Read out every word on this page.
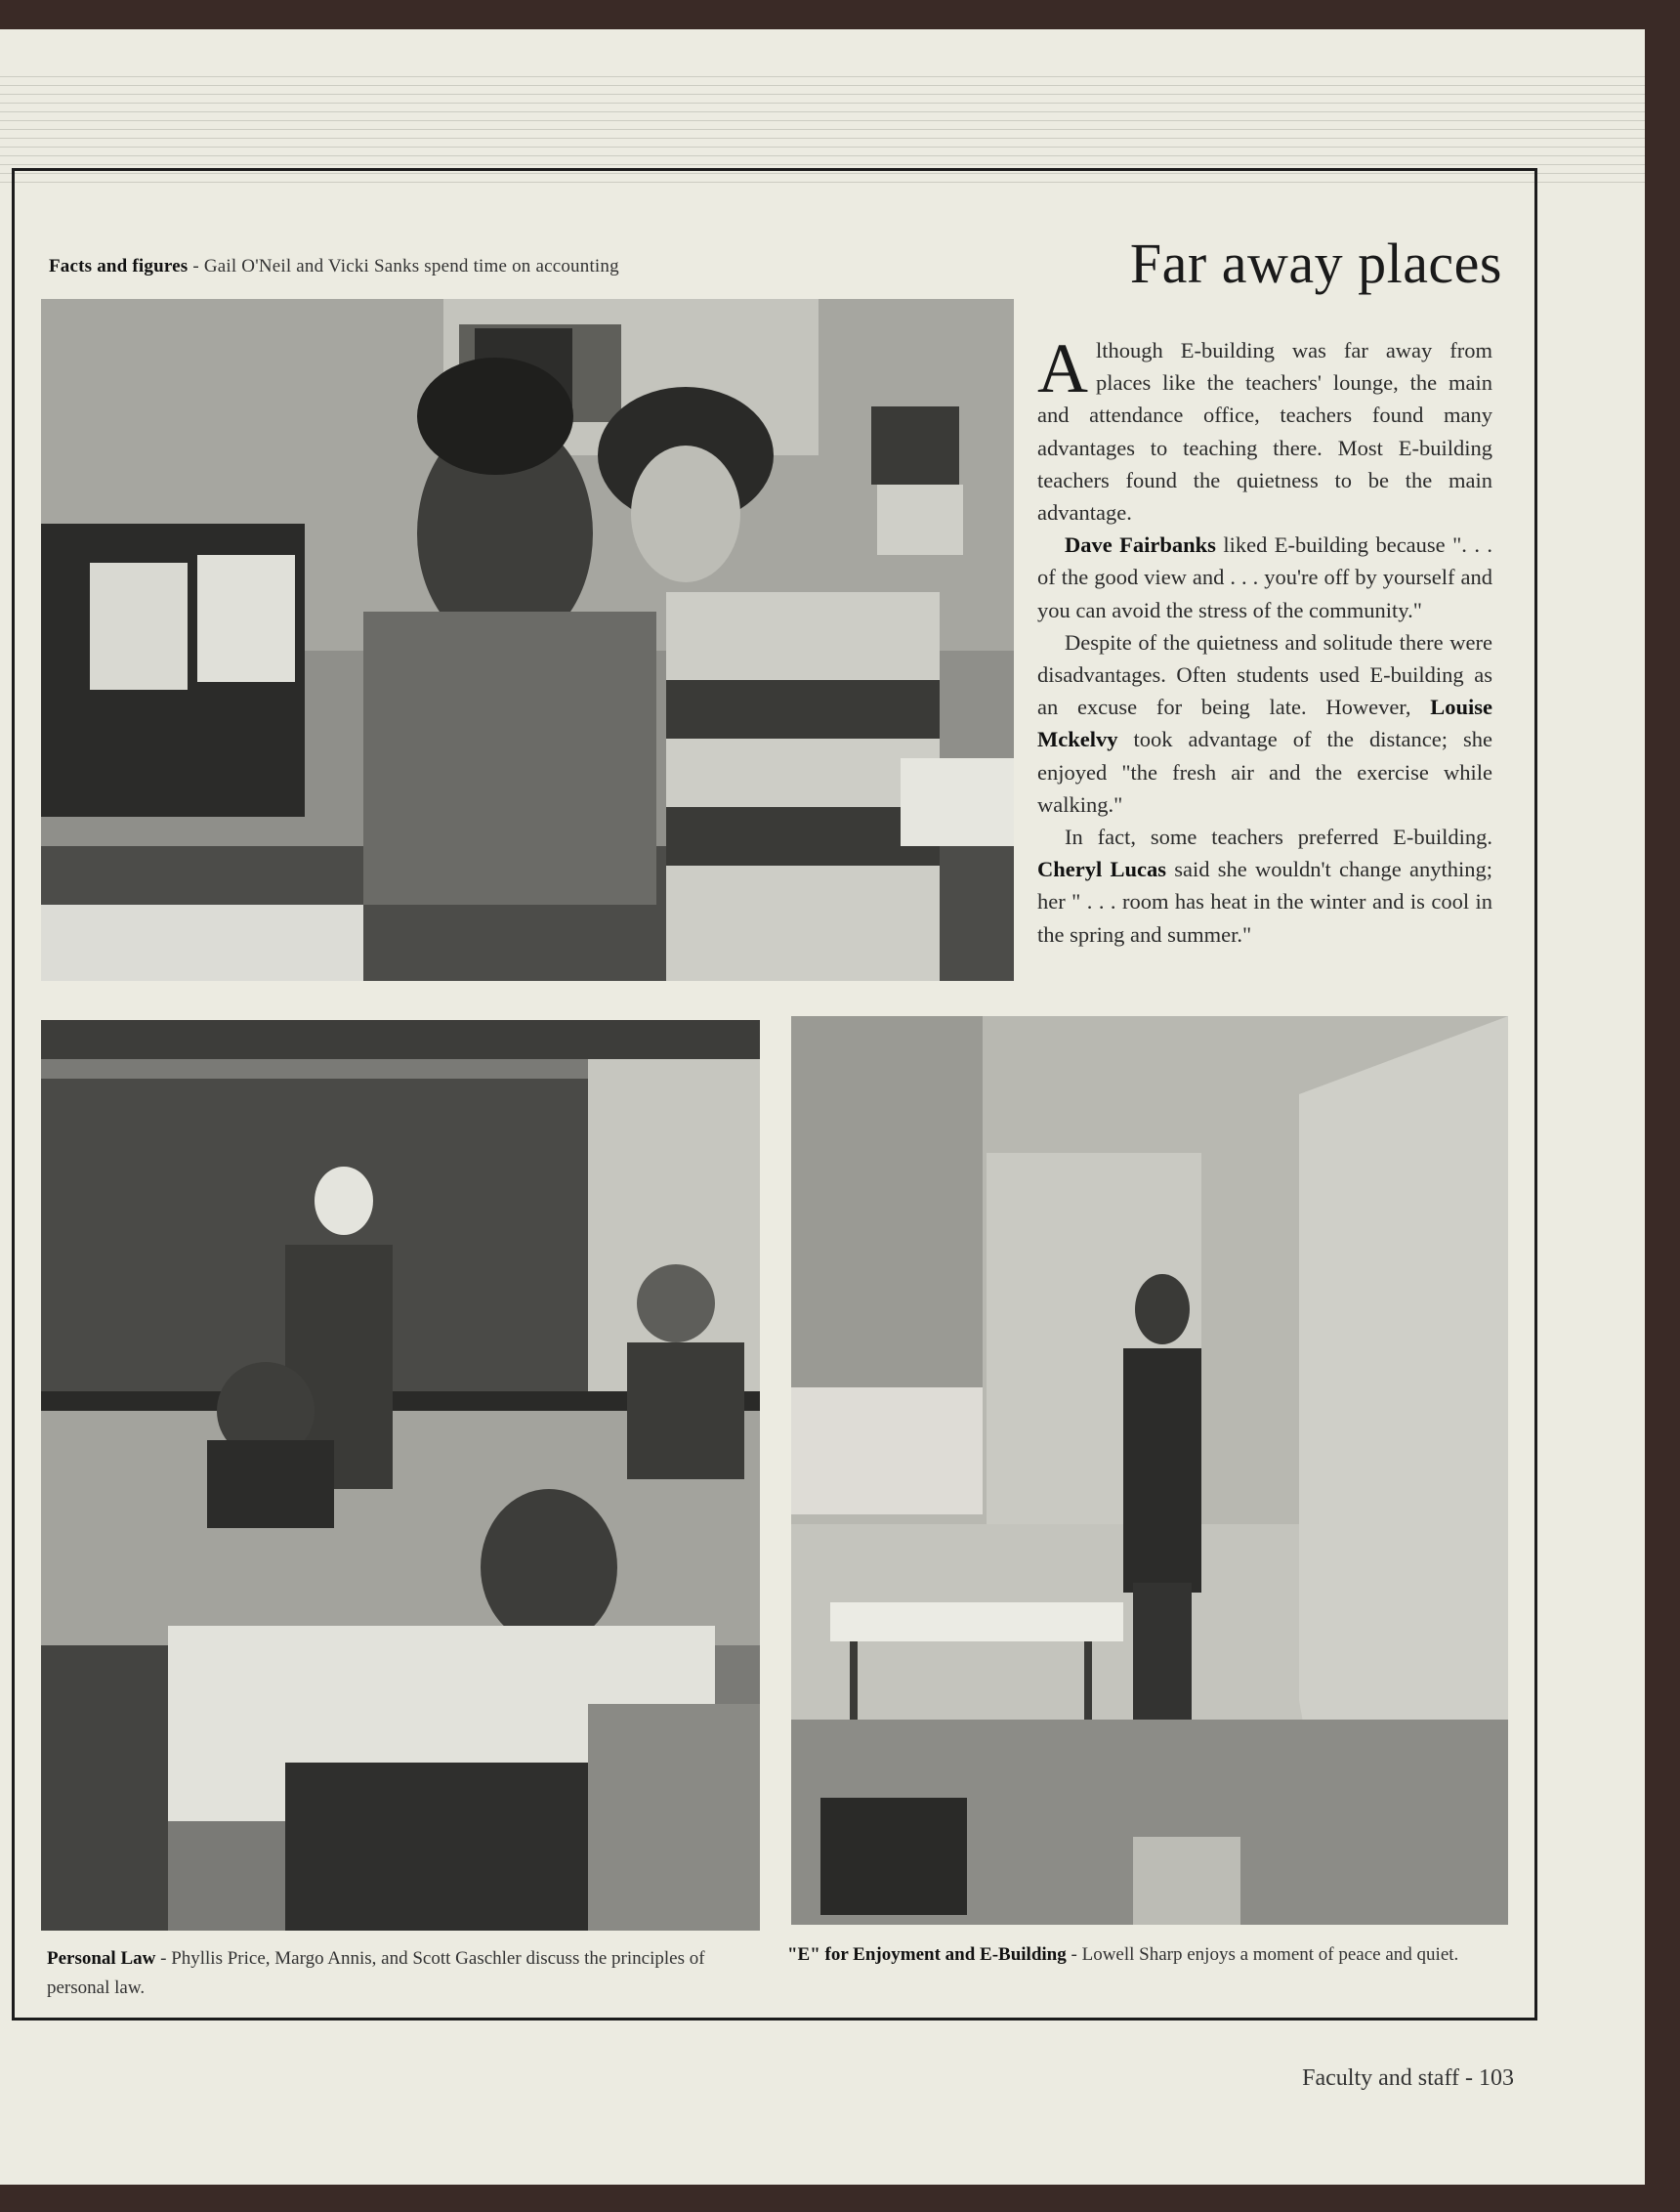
Facts and figures - Gail O'Neil and Vicki Sanks spend time on accounting	Far away places

Although E-building was far away from places like the teachers' lounge, the main and attendance office, teachers found many advantages to teaching there. Most E-building teachers found the quietness to be the main advantage.

Dave Fairbanks liked E-building because ". . . of the good view and . . . you're off by yourself and you can avoid the stress of the community."

Despite of the quietness and solitude there were disadvantages. Often students used E-building as an excuse for being late. However, Louise Mckelvy took advantage of the distance; she enjoyed "the fresh air and the exercise while walking."

In fact, some teachers preferred E-building. Cheryl Lucas said she wouldn't change anything; her " . . . room has heat in the winter and is cool in the spring and summer."

Personal Law - Phyllis Price, Margo Annis, and Scott Gaschler discuss the principles of personal law.
"E" for Enjoyment and E-Building - Lowell Sharp enjoys a moment of peace and quiet.
Faculty and staff - 103
